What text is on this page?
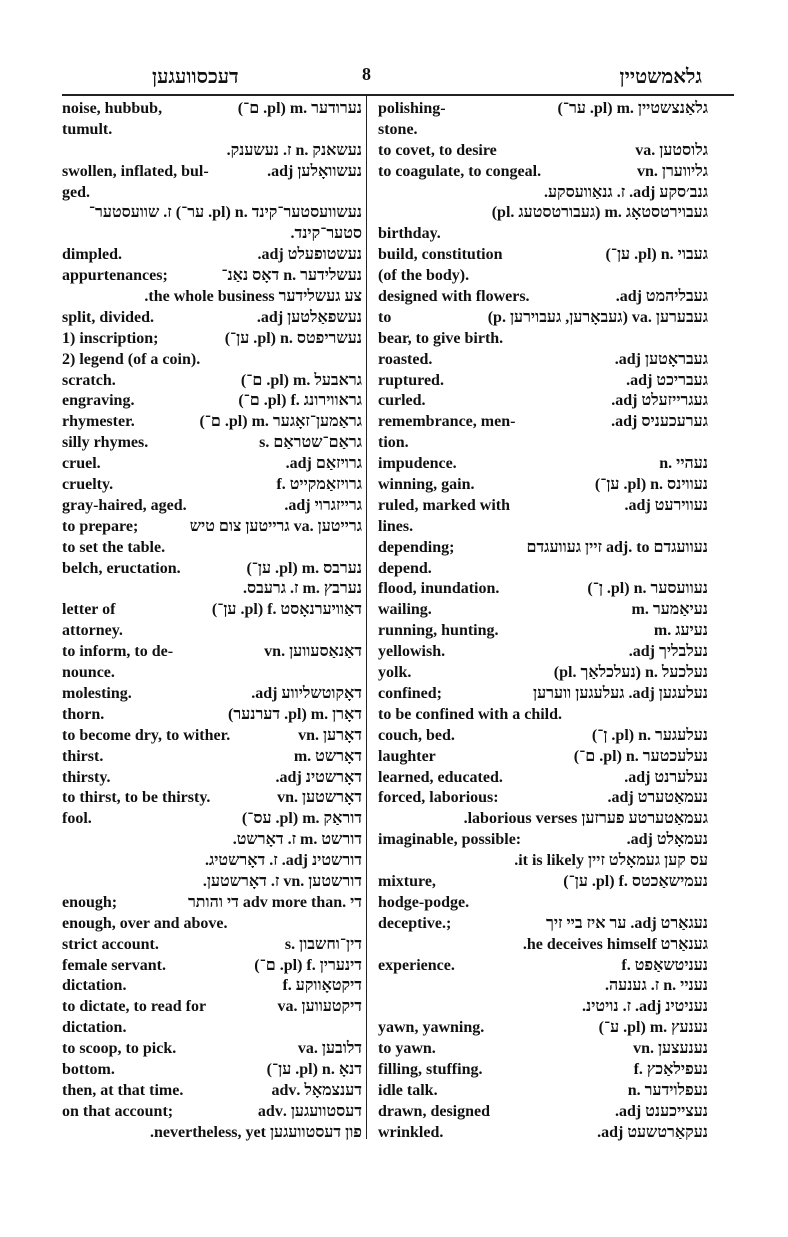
דעכסוועגען	8	גלאמשטיין
noise, hubbub,	נערודער .m (pl. ם־)
tumult.
נעשאנק .n ז. נעשענק.
swollen, inflated, bul-	נעשוואָלען adj.
ged.
נעשוועסטער־קינד .n (pl. ער־) ז. שוועסטער־
סטער־קינד.
dimpled.	נעשטופעלט adj.
appurtenances;	נעשלידער .n דאָס נאַנ־
צע געשלידער the whole business.
split, divided.	נעשפאַלטען adj.
1) inscription;	נעשריפטס .n (pl. ען־)
2) legend (of a coin).
scratch.	גראבעל .m (pl. ם־)
engraving.	גראווירונג .f (pl. ם־)
rhymester.	גראַמען־זאָגער .m (pl. ם־)
silly rhymes.	גראַם־שטראַם .s
cruel.	גרויזאַם adj.
cruelty.	גרויזאַמקייט .f
gray-haired, aged.	גרייזגרוי adj.
to prepare;	גרייטען .va גרייטען צום טיש
to set the table.
belch, eructation.	נערבס .m (pl. ען־)
נערבץ .m ז. גרעבס.
letter of	דאַוויערנאָסט .f (pl. ען־)
attorney.
to inform, to de-	דאַנאַסעווען .vn
nounce.
molesting.	דאָקוטשליווע adj.
thorn.	דאָרן .m (pl. דערנער)
to become dry, to wither.	דאָרען .vn
thirst.	דאָרשט .m
thirsty.	דאָרשטינ adj.
to thirst, to be thirsty.	דאָרשטען .vn
fool.	דוראַק .m (pl. עס־)
דורשט .m ז. דאָרשט.
דורשטינ adj. ז. דאָרשטיג.
דורשטען .vn ז. דאָרשטען.
enough;	די .adv more than די והותר
enough, over and above.
strict account.	דין־וחשבון .s
female servant.	דינערין .f (pl. ם־)
dictation.	דיקטאָווקע .f
to dictate, to read for	דיקטעווען .va
dictation.
to scoop, to pick.	דלובען .va
bottom.	דנאָ .n (pl. ען־)
then, at that time.	דענצמאָל .adv
on that account;	דעסטוועגען .adv
פון דעסטוועגען nevertheless, yet.
polishing-	גלאַנצשטיין .m (pl. ער־)
stone.
to covet, to desire	גלוסטען .va
to coagulate, to congeal.	גליווערן .vn
גנב׳סקע adj. ז. גנאַוועסקע.
געבוירטסטאָג .m (געבורטסטעג .pl)
birthday.
build, constitution	געבוי .n (pl. ען־)
(of the body).
designed with flowers.	געבליהמט adj.
to	געבערען .va (געבאָרען, געבוירען .p)
bear, to give birth.
roasted.	געבראָטען adj.
ruptured.	געבריכט adj.
curled.	געגרייזעלט adj.
remembrance, men-	גערעכעניס adj.
tion.
impudence.	נעהיי .n
winning, gain.	נעווינס .n (pl. ען־)
ruled, marked with	נעווירעט adj.
lines.
depending;	נעוועגדם adj. to זיין געוועגדם
depend.
flood, inundation.	נעוועסער .n (pl. ן־)
wailing.	נעיאַמער .m
running, hunting.	נעיעג .m
yellowish.	נעלבליך adj.
yolk.	נעלכעל .n (נעלכלאַך .pl)
confined;	נעלעגען adj. געלעגען ווערען
to be confined with a child.
couch, bed.	נעלעגער .n (pl. ן־)
laughter	נעלעכטער .n (pl. ם־)
learned, educated.	נעלערנט adj.
forced, laborious:	נעמאַטערט adj.
געמאַטערטע פערזען laborious verses.
imaginable, possible:	נעמאָלט adj.
עס קען געמאָלט זיין it is likely.
mixture,	נעמישאַכטס .f (pl. ען־)
hodge-podge.
deceptive.;	נעגאַרט adj. ער איז ביי זיך
גענאַרט he deceives himself.
experience.	נעניטשאַפט .f
נעניי .n ז. גענעה.
נעניטינ adj. ז. נויטינ.
yawn, yawning.	נענעץ .m (pl. ע־)
to yawn.	נענעצען .vn
filling, stuffing.	נעפילאַכץ .f
idle talk.	נעפלוידער .n
drawn, designed	נעצייכענט adj.
wrinkled.	נעקאַרטשעט adj.
